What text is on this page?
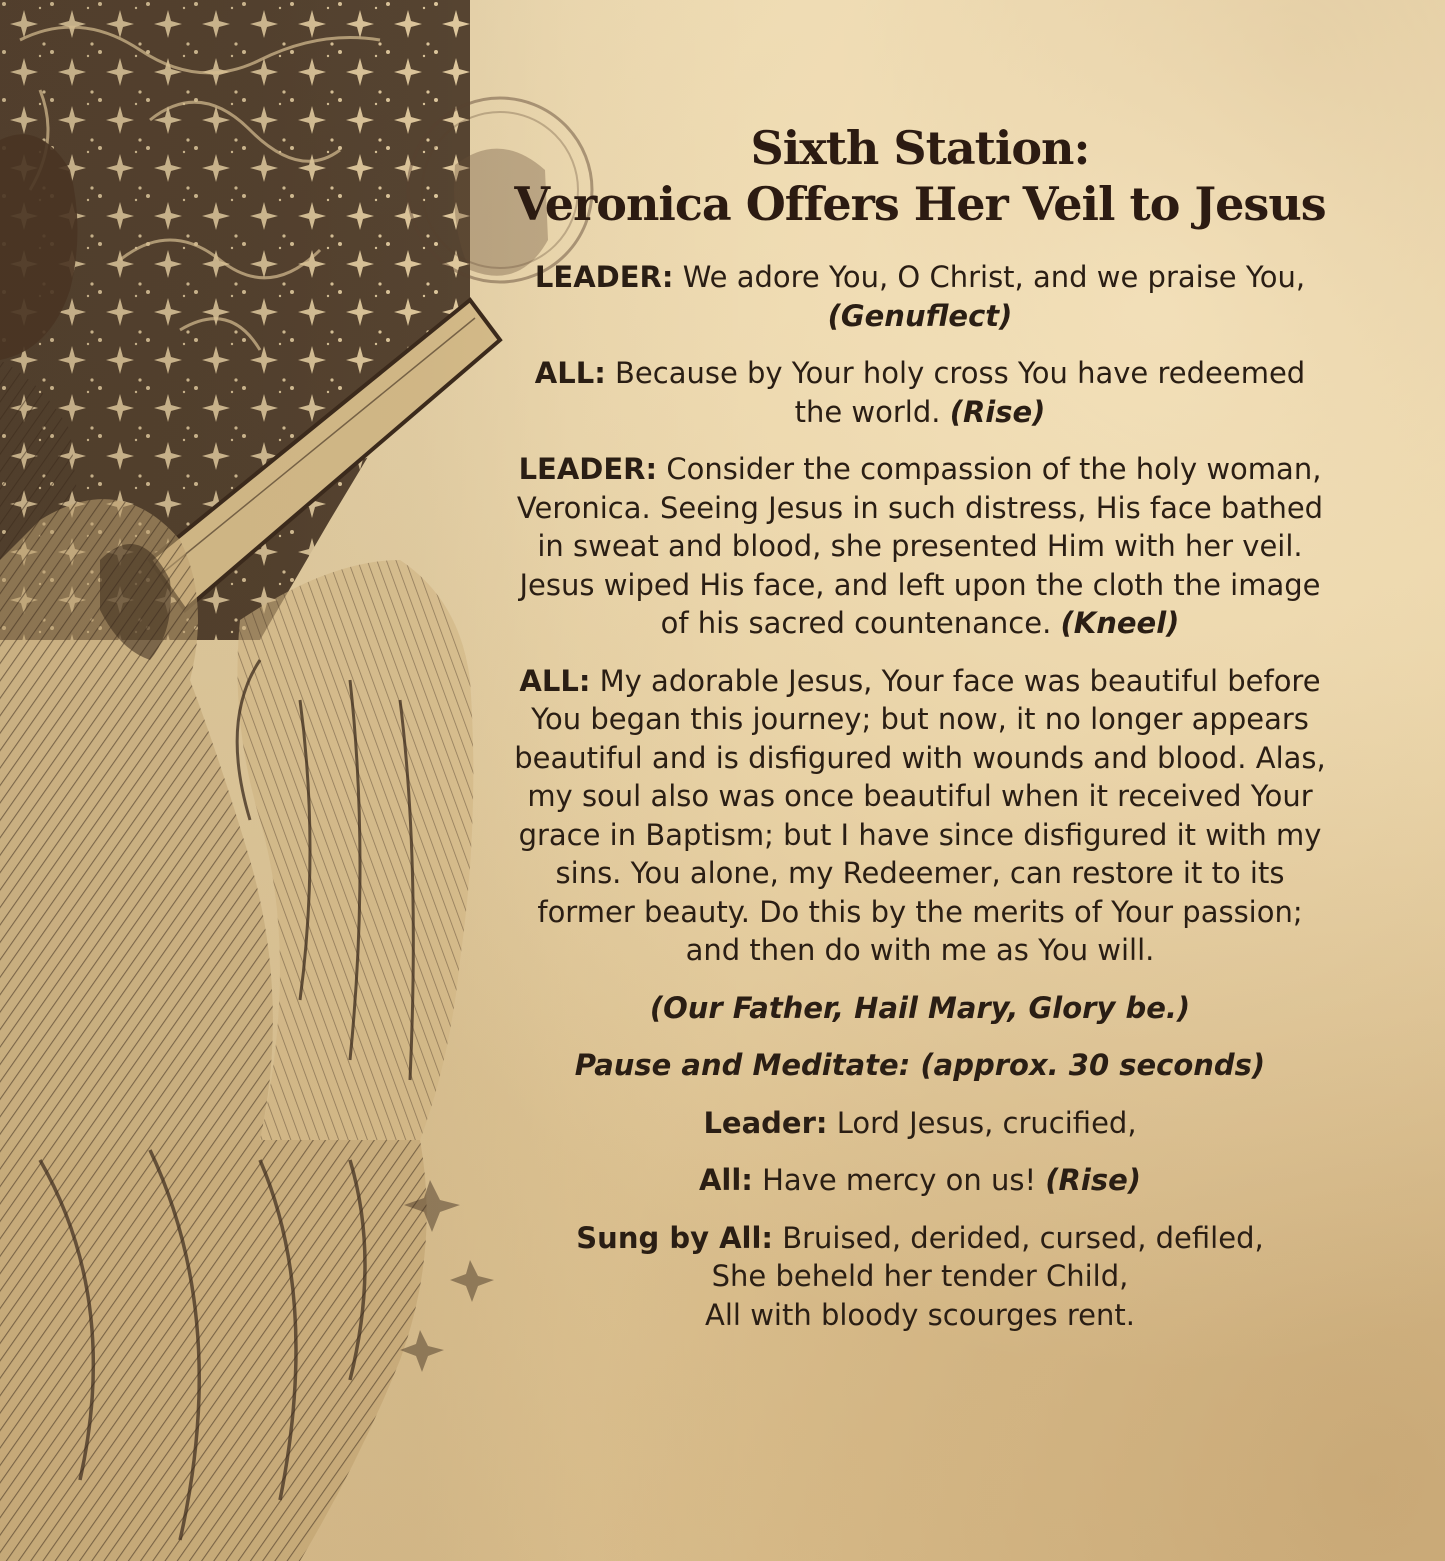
Sixth Station:
Veronica Offers Her Veil to Jesus

LEADER: We adore You, O Christ, and we praise You,
(Genuflect)

ALL: Because by Your holy cross You have redeemed the world. (Rise)

LEADER: Consider the compassion of the holy woman, Veronica. Seeing Jesus in such distress, His face bathed in sweat and blood, she presented Him with her veil. Jesus wiped His face, and left upon the cloth the image of his sacred countenance. (Kneel)

ALL: My adorable Jesus, Your face was beautiful before You began this journey; but now, it no longer appears beautiful and is disfigured with wounds and blood. Alas, my soul also was once beautiful when it received Your grace in Baptism; but I have since disfigured it with my sins. You alone, my Redeemer, can restore it to its former beauty. Do this by the merits of Your passion; and then do with me as You will.

(Our Father, Hail Mary, Glory be.)

Pause and Meditate: (approx. 30 seconds)

Leader: Lord Jesus, crucified,

All: Have mercy on us! (Rise)

Sung by All: Bruised, derided, cursed, defiled,
She beheld her tender Child,
All with bloody scourges rent.
